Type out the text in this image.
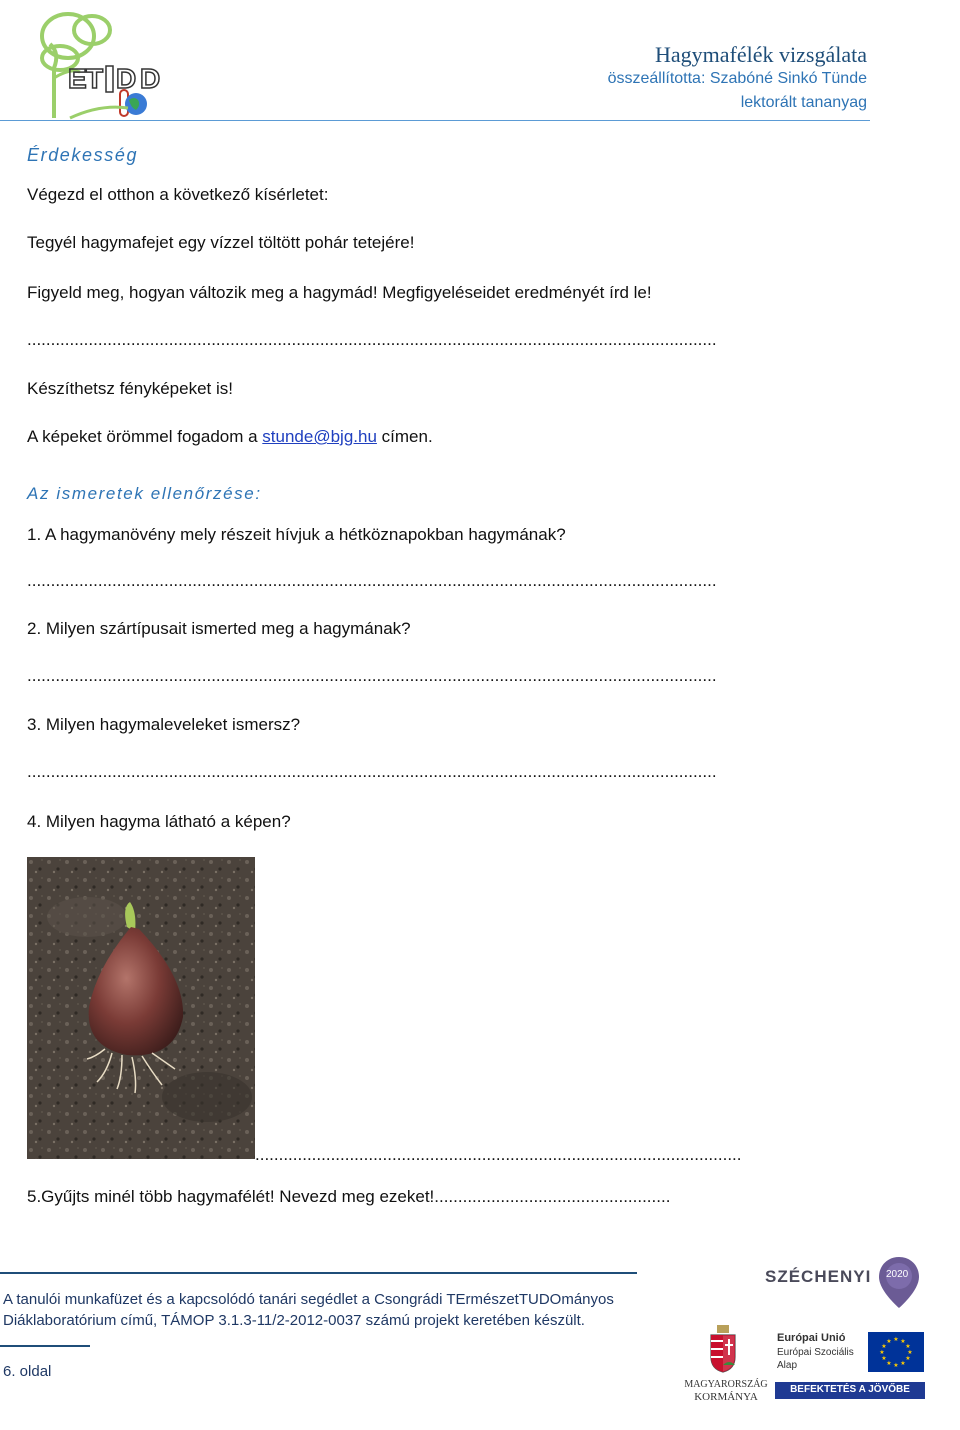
E T D D
Hagymafélék vizsgálata
összeállította: Szabóné Sinkó Tünde
lektorált tananyag
Érdekesség
Végezd el otthon a következő kísérletet:
Tegyél hagymafejet egy vízzel töltött pohár tetejére!
Figyeld meg, hogyan változik meg a hagymád! Megfigyeléseidet eredményét írd le!
..................................................................................................................................................
Készíthetsz fényképeket is!
A képeket örömmel fogadom a stunde@bjg.hu címen.
Az ismeretek ellenőrzése:
1. A hagymanövény mely részeit hívjuk a hétköznapokban hagymának?
..................................................................................................................................................
2. Milyen szártípusait ismerted meg a hagymának?
..................................................................................................................................................
3. Milyen hagymaleveleket ismersz?
..................................................................................................................................................
4. Milyen hagyma látható a képen?
.......................................................................................................
5.Gyűjts minél több hagymafélét! Nevezd meg ezeket!..................................................
A tanulói munkafüzet és a kapcsolódó tanári segédlet a Csongrádi TErmészetTUDOmányos
Diáklaboratórium című, TÁMOP 3.1.3-11/2-2012-0037 számú projekt keretében készült.
6. oldal
SZÉCHENYI 2020
MAGYARORSZÁG
KORMÁNYA
Európai Unió
Európai Szociális
Alap
★ ★
★
★
★
★
★
★
★
★
★
★
BEFEKTETÉS A JÖVŐBE
